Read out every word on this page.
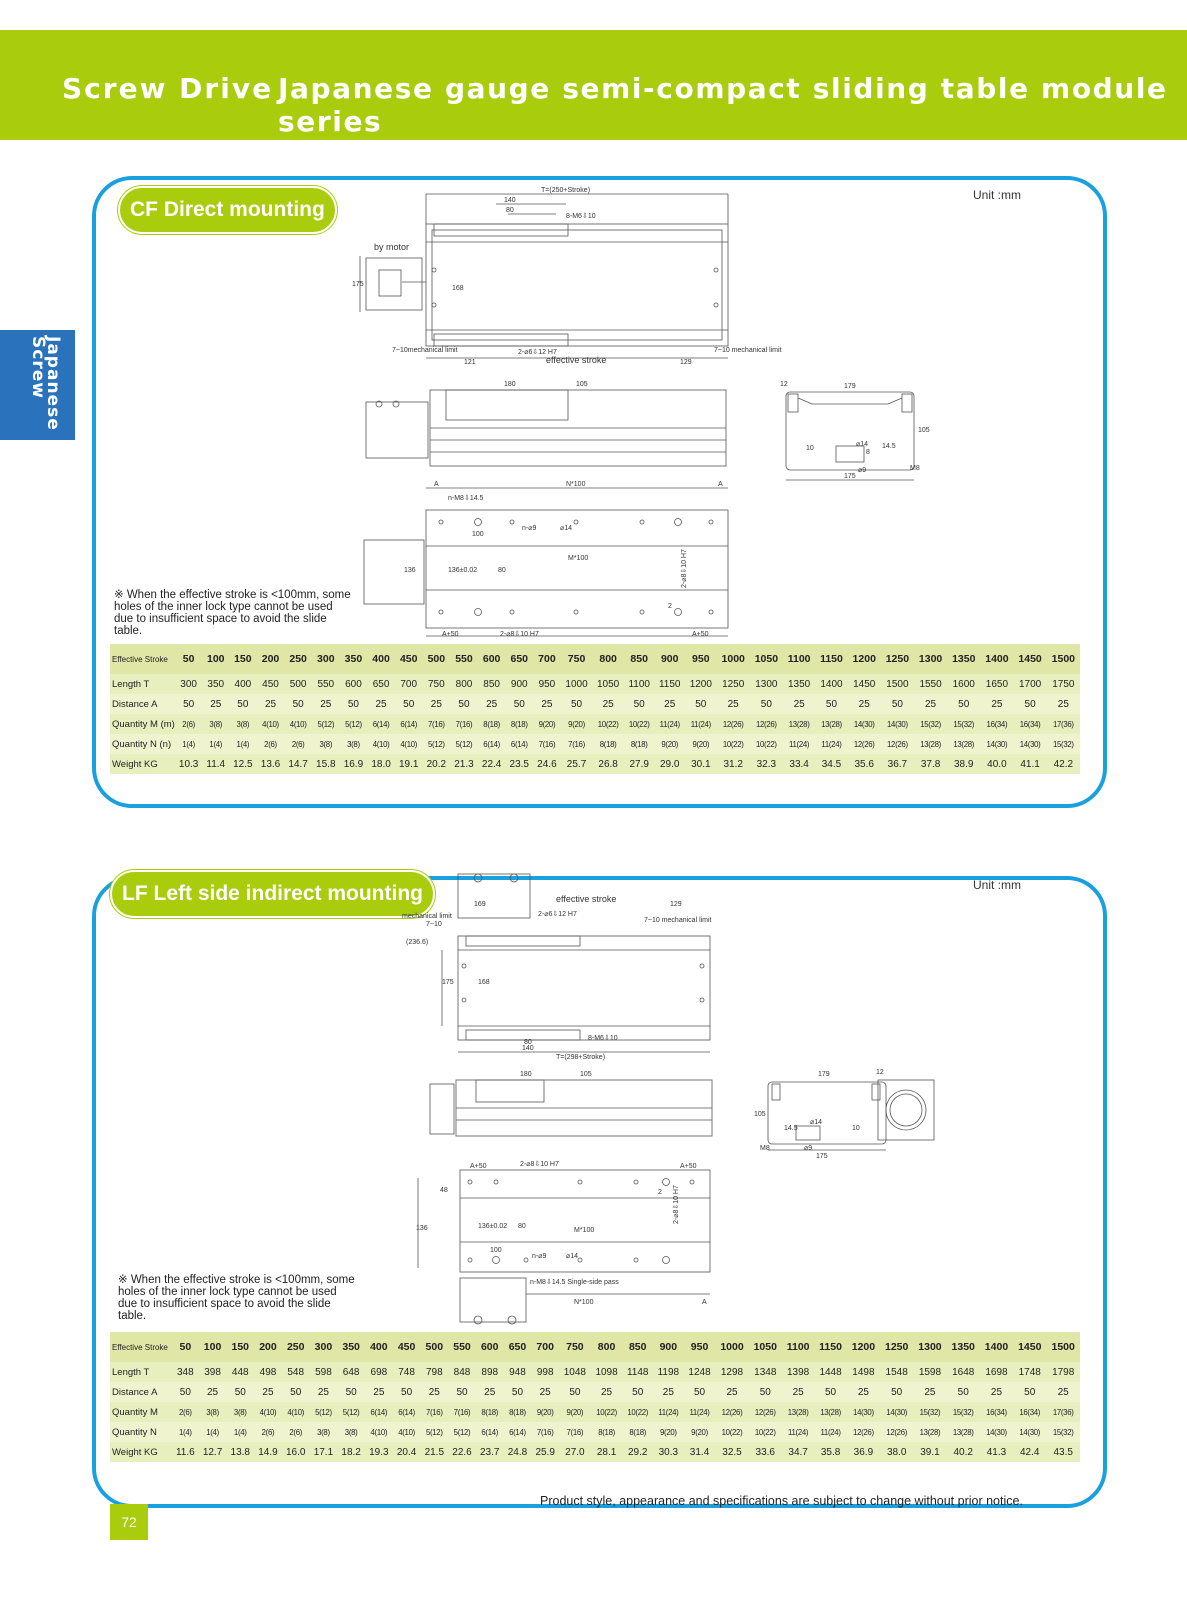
Screw Drive Japanese gauge semi-compact sliding table module series
Japanese Screw
CF Direct mounting
Unit :mm
T=(250+Stroke)
140
80
8-M6⇩10
by motor
175
168
7~10mechanical limit	2-⌀6⇩12 H7	7~10 mechanical limit
121	effective stroke	129
180	105	12	179
⌀14 14.5
⌀9
175
105
10
8
M8
A	N*100	A
n-M8⇩14.5
100
n-⌀9	⌀14
M*100
136	136±0.02	80	2-⌀8⇩10 H7
2
A+50	2-⌀8⇩10 H7	A+50
※ When the effective stroke is <100mm, some holes of the inner lock type cannot be used due to insufficient space to avoid the slide table.
Effective Stroke	50	100	150	200	250	300	350	400	450	500	550	600	650	700	750	800	850	900	950	1000	1050	1100	1150	1200	1250	1300	1350	1400	1450	1500
Length T	300	350	400	450	500	550	600	650	700	750	800	850	900	950	1000	1050	1100	1150	1200	1250	1300	1350	1400	1450	1500	1550	1600	1650	1700	1750
Distance A	50	25	50	25	50	25	50	25	50	25	50	25	50	25	50	25	50	25	50	25	50	25	50	25	50	25	50	25	50	25
Quantity M (m)	2(6)	3(8)	3(8)	4(10)	4(10)	5(12)	5(12)	6(14)	6(14)	7(16)	7(16)	8(18)	8(18)	9(20)	9(20)	10(22)	10(22)	11(24)	11(24)	12(26)	12(26)	13(28)	13(28)	14(30)	14(30)	15(32)	15(32)	16(34)	16(34)	17(36)
Quantity N (n)	1(4)	1(4)	1(4)	2(6)	2(6)	3(8)	3(8)	4(10)	4(10)	5(12)	5(12)	6(14)	6(14)	7(16)	7(16)	8(18)	8(18)	9(20)	9(20)	10(22)	10(22)	11(24)	11(24)	12(26)	12(26)	13(28)	13(28)	14(30)	14(30)	15(32)
Weight KG	10.3	11.4	12.5	13.6	14.7	15.8	16.9	18.0	19.1	20.2	21.3	22.4	23.5	24.6	25.7	26.8	27.9	29.0	30.1	31.2	32.3	33.4	34.5	35.6	36.7	37.8	38.9	40.0	41.1	42.2
LF Left side indirect mounting	Unit :mm
effective stroke
169	129
mechanical limit
7~10
2-⌀6⇩12 H7
7~10 mechanical limit
(236.6)
175	168
8-M6⇩10
80
140
T=(298+Stroke)
180	105	179	12
105
⌀14
14.5
⌀9
175
10
M8
A+50	2-⌀8⇩10 H7	A+50
48
136	136±0.02 80
M*100
2-⌀8⇩10 H7
2
100
n-⌀9	⌀14
n-M8⇩14.5 Single-side pass
N*100	A
※ When the effective stroke is <100mm, some holes of the inner lock type cannot be used due to insufficient space to avoid the slide table.
Effective Stroke	50	100	150	200	250	300	350	400	450	500	550	600	650	700	750	800	850	900	950	1000	1050	1100	1150	1200	1250	1300	1350	1400	1450	1500
Length T	348	398	448	498	548	598	648	698	748	798	848	898	948	998	1048	1098	1148	1198	1248	1298	1348	1398	1448	1498	1548	1598	1648	1698	1748	1798
Distance A	50	25	50	25	50	25	50	25	50	25	50	25	50	25	50	25	50	25	50	25	50	25	50	25	50	25	50	25	50	25
Quantity M	2(6)	3(8)	3(8)	4(10)	4(10)	5(12)	5(12)	6(14)	6(14)	7(16)	7(16)	8(18)	8(18)	9(20)	9(20)	10(22)	10(22)	11(24)	11(24)	12(26)	12(26)	13(28)	13(28)	14(30)	14(30)	15(32)	15(32)	16(34)	16(34)	17(36)
Quantity N	1(4)	1(4)	1(4)	2(6)	2(6)	3(8)	3(8)	4(10)	4(10)	5(12)	5(12)	6(14)	6(14)	7(16)	7(16)	8(18)	8(18)	9(20)	9(20)	10(22)	10(22)	11(24)	11(24)	12(26)	12(26)	13(28)	13(28)	14(30)	14(30)	15(32)
Weight KG	11.6	12.7	13.8	14.9	16.0	17.1	18.2	19.3	20.4	21.5	22.6	23.7	24.8	25.9	27.0	28.1	29.2	30.3	31.4	32.5	33.6	34.7	35.8	36.9	38.0	39.1	40.2	41.3	42.4	43.5
72
Product style, appearance and specifications are subject to change without prior notice.
